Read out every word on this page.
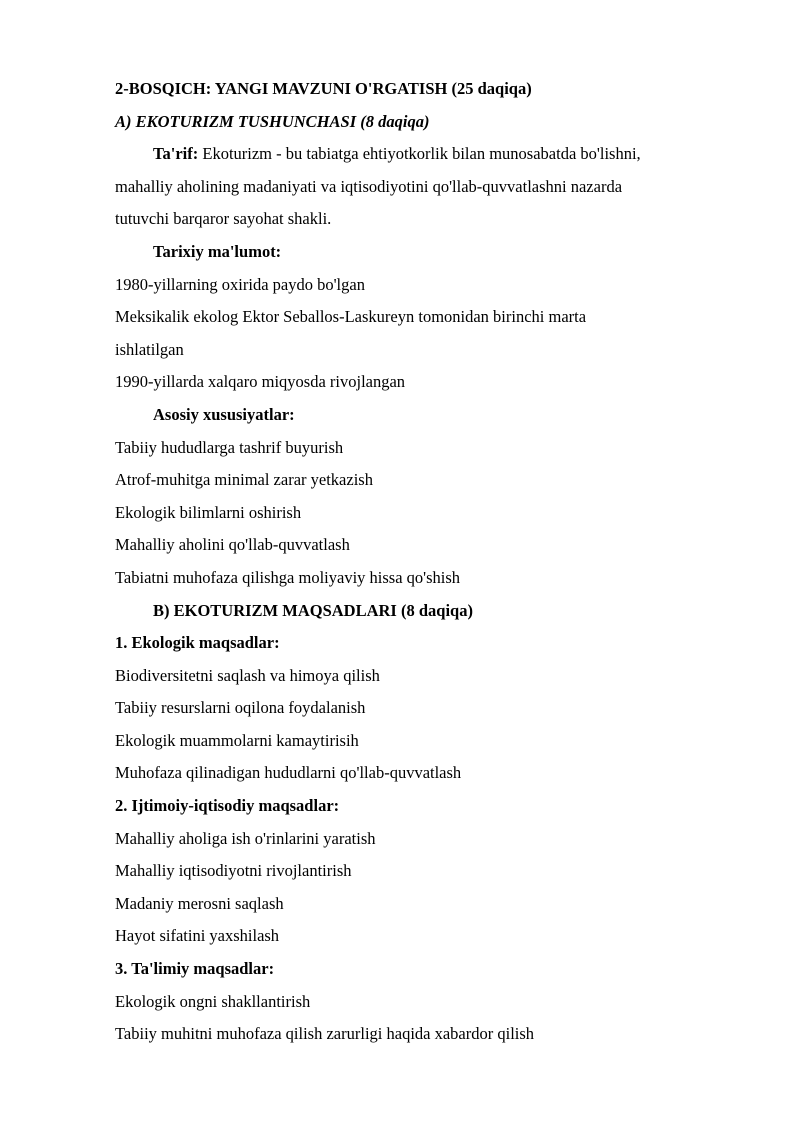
2-BOSQICH: YANGI MAVZUNI O'RGATISH (25 daqiqa)

A) EKOTURIZM TUSHUNCHASI (8 daqiqa)

Ta'rif: Ekoturizm - bu tabiatga ehtiyotkorlik bilan munosabatda bo'lishni,

mahalliy aholining madaniyati va iqtisodiyotini qo'llab-quvvatlashni nazarda

tutuvchi barqaror sayohat shakli.

Tarixiy ma'lumot:

1980-yillarning oxirida paydo bo'lgan

Meksikalik ekolog Ektor Seballos-Laskureyn tomonidan birinchi marta

ishlatilgan

1990-yillarda xalqaro miqyosda rivojlangan

Asosiy xususiyatlar:

Tabiiy hududlarga tashrif buyurish

Atrof-muhitga minimal zarar yetkazish

Ekologik bilimlarni oshirish

Mahalliy aholini qo'llab-quvvatlash

Tabiatni muhofaza qilishga moliyaviy hissa qo'shish

B) EKOTURIZM MAQSADLARI (8 daqiqa)

1. Ekologik maqsadlar:

Biodiversitetni saqlash va himoya qilish

Tabiiy resurslarni oqilona foydalanish

Ekologik muammolarni kamaytirisih

Muhofaza qilinadigan hududlarni qo'llab-quvvatlash

2. Ijtimoiy-iqtisodiy maqsadlar:

Mahalliy aholiga ish o'rinlarini yaratish

Mahalliy iqtisodiyotni rivojlantirish

Madaniy merosni saqlash

Hayot sifatini yaxshilash

3. Ta'limiy maqsadlar:

Ekologik ongni shakllantirish

Tabiiy muhitni muhofaza qilish zarurligi haqida xabardor qilish
